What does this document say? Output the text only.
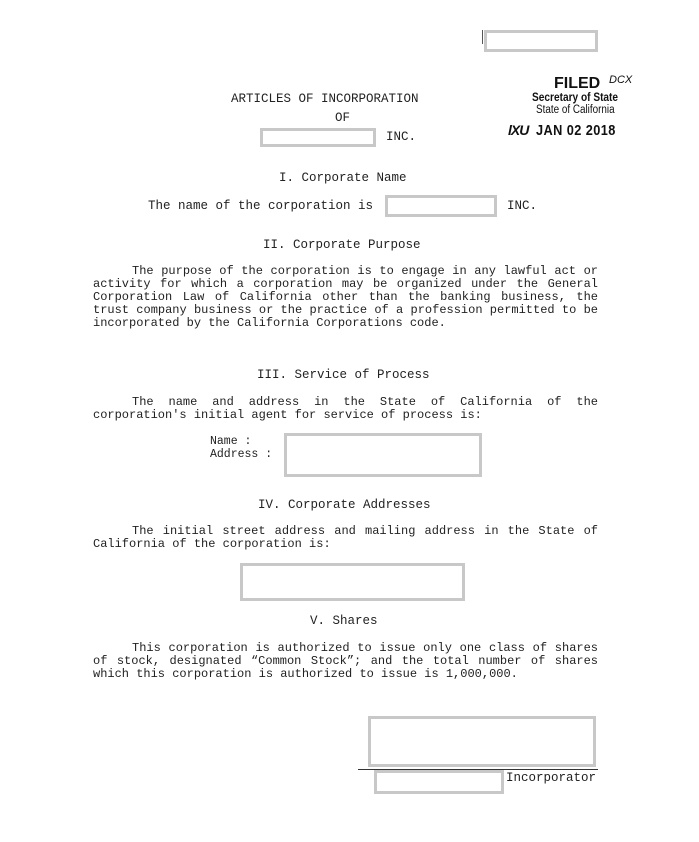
FILED DCX
Secretary of State
State of California
lXU JAN 02 2018
ARTICLES OF INCORPORATION
OF
INC.
I. Corporate Name
The name of the corporation is	INC.
II. Corporate Purpose
The purpose of the corporation is to engage in any lawful act or activity for which a corporation may be organized under the General Corporation Law of California other than the banking business, the trust company business or the practice of a profession permitted to be incorporated by the California Corporations code.
III. Service of Process
The name and address in the State of California of the corporation's initial agent for service of process is:
Name :
Address :
IV. Corporate Addresses
The initial street address and mailing address in the State of California of the corporation is:
V. Shares
This corporation is authorized to issue only one class of shares of stock, designated “Common Stock”; and the total number of shares which this corporation is authorized to issue is 1,000,000.
Incorporator
